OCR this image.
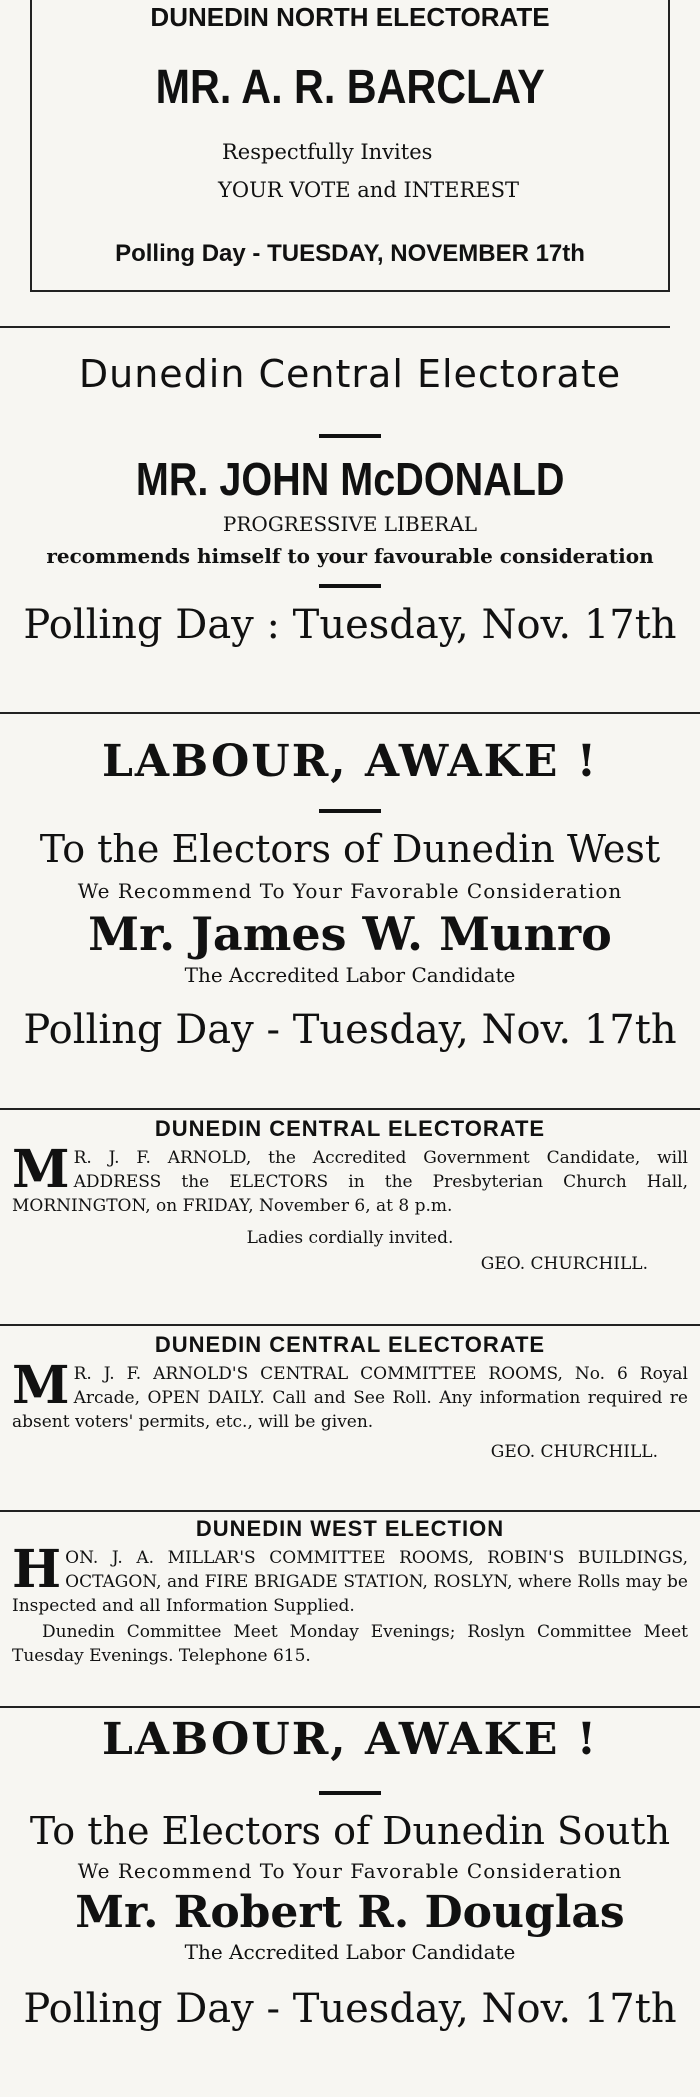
DUNEDIN NORTH ELECTORATE
MR. A. R. BARCLAY
Respectfully Invites
YOUR VOTE and INTEREST
Polling Day - TUESDAY, NOVEMBER 17th
Dunedin Central Electorate
MR. JOHN McDONALD
PROGRESSIVE LIBERAL
recommends himself to your favourable consideration
Polling Day : Tuesday, Nov. 17th
LABOUR, AWAKE !
To the Electors of Dunedin West
We Recommend To Your Favorable Consideration
Mr. James W. Munro
The Accredited Labor Candidate
Polling Day - Tuesday, Nov. 17th
DUNEDIN CENTRAL ELECTORATE
M R. J. F. ARNOLD, the Accredited Government Candidate, will ADDRESS the ELECTORS in the Presbyterian Church Hall, MORNINGTON, on FRIDAY, November 6, at 8 p.m.
Ladies cordially invited.
GEO. CHURCHILL.
DUNEDIN CENTRAL ELECTORATE
M R. J. F. ARNOLD'S CENTRAL COMMITTEE ROOMS, No. 6 Royal Arcade, OPEN DAILY. Call and See Roll. Any information required re absent voters' permits, etc., will be given.
GEO. CHURCHILL.
DUNEDIN WEST ELECTION
H ON. J. A. MILLAR'S COMMITTEE ROOMS, ROBIN'S BUILDINGS, OCTAGON, and FIRE BRIGADE STATION, ROSLYN, where Rolls may be Inspected and all Information Supplied.
Dunedin Committee Meet Monday Evenings; Roslyn Committee Meet Tuesday Evenings. Telephone 615.
LABOUR, AWAKE !
To the Electors of Dunedin South
We Recommend To Your Favorable Consideration
Mr. Robert R. Douglas
The Accredited Labor Candidate
Polling Day - Tuesday, Nov. 17th
